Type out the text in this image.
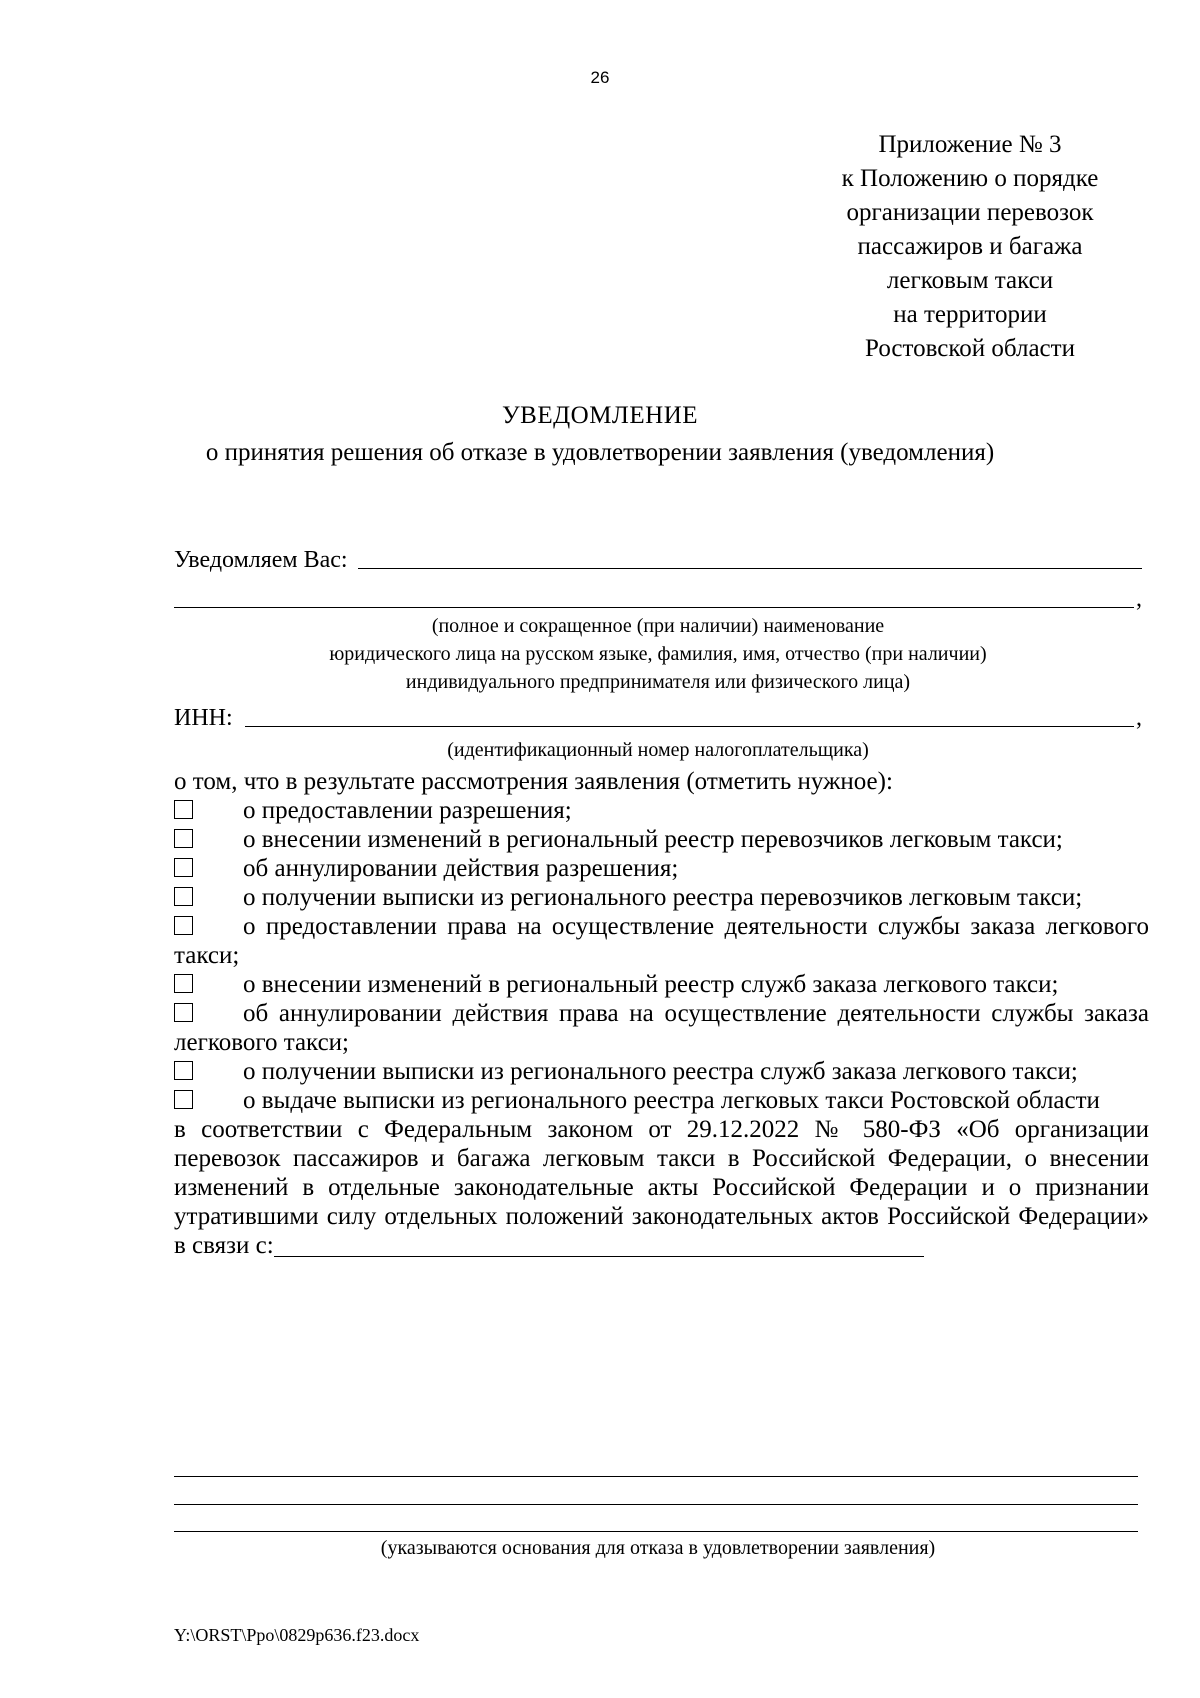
26
Приложение № 3
к Положению о порядке
организации перевозок
пассажиров и багажа
легковым такси
на территории
Ростовской области
УВЕДОМЛЕНИЕ
о принятия решения об отказе в удовлетворении заявления (уведомления)
Уведомляем Вас:
,
(полное и сокращенное (при наличии) наименование
юридического лица на русском языке, фамилия, имя, отчество (при наличии)
индивидуального предпринимателя или физического лица)
ИНН:	,
(идентификационный номер налогоплательщика)

о том, что в результате рассмотрения заявления (отметить нужное):

о предоставлении разрешения;
о внесении изменений в региональный реестр перевозчиков легковым такси;
об аннулировании действия разрешения;
о получении выписки из регионального реестра перевозчиков легковым такси;
о предоставлении права на осуществление деятельности службы заказа легкового такси;
о внесении изменений в региональный реестр служб заказа легкового такси;
об аннулировании действия права на осуществление деятельности службы заказа легкового такси;
о получении выписки из регионального реестра служб заказа легкового такси;
о выдаче выписки из регионального реестра легковых такси Ростовской области
в соответствии с Федеральным законом от 29.12.2022 № 580-ФЗ «Об организации перевозок пассажиров и багажа легковым такси в Российской Федерации, о внесении изменений в отдельные законодательные акты Российской Федерации и о признании утратившими силу отдельных положений законодательных актов Российской Федерации» в связи с:
(указываются основания для отказа в удовлетворении заявления)
Y:\ORST\Ppo\0829p636.f23.docx
